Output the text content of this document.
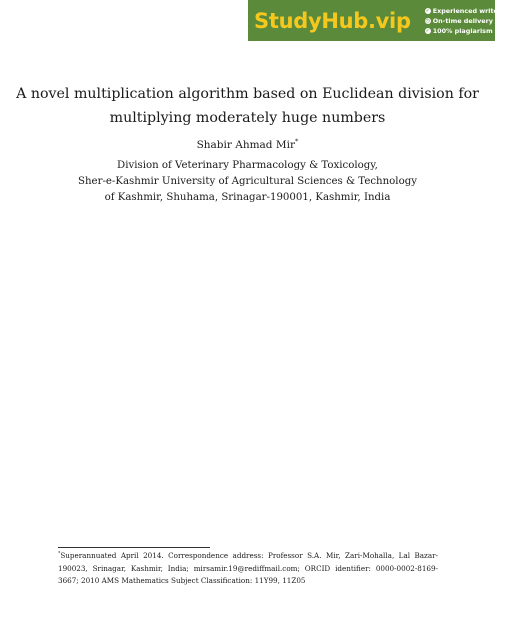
StudyHub.vip	✓ Experienced writers
◷ On-time delivery
✓ 100% plagiarism free
A novel multiplication algorithm based on Euclidean division for
multiplying moderately huge numbers
Shabir Ahmad Mir*
Division of Veterinary Pharmacology & Toxicology,
Sher-e-Kashmir University of Agricultural Sciences & Technology
of Kashmir, Shuhama, Srinagar-190001, Kashmir, India
*Superannuated April 2014. Correspondence address: Professor S.A. Mir, Zari-Mohalla, Lal Bazar-190023, Srinagar, Kashmir, India; mirsamir.19@rediffmail.com; ORCID identifier: 0000-0002-8169-3667; 2010 AMS Mathematics Subject Classification: 11Y99, 11Z05
